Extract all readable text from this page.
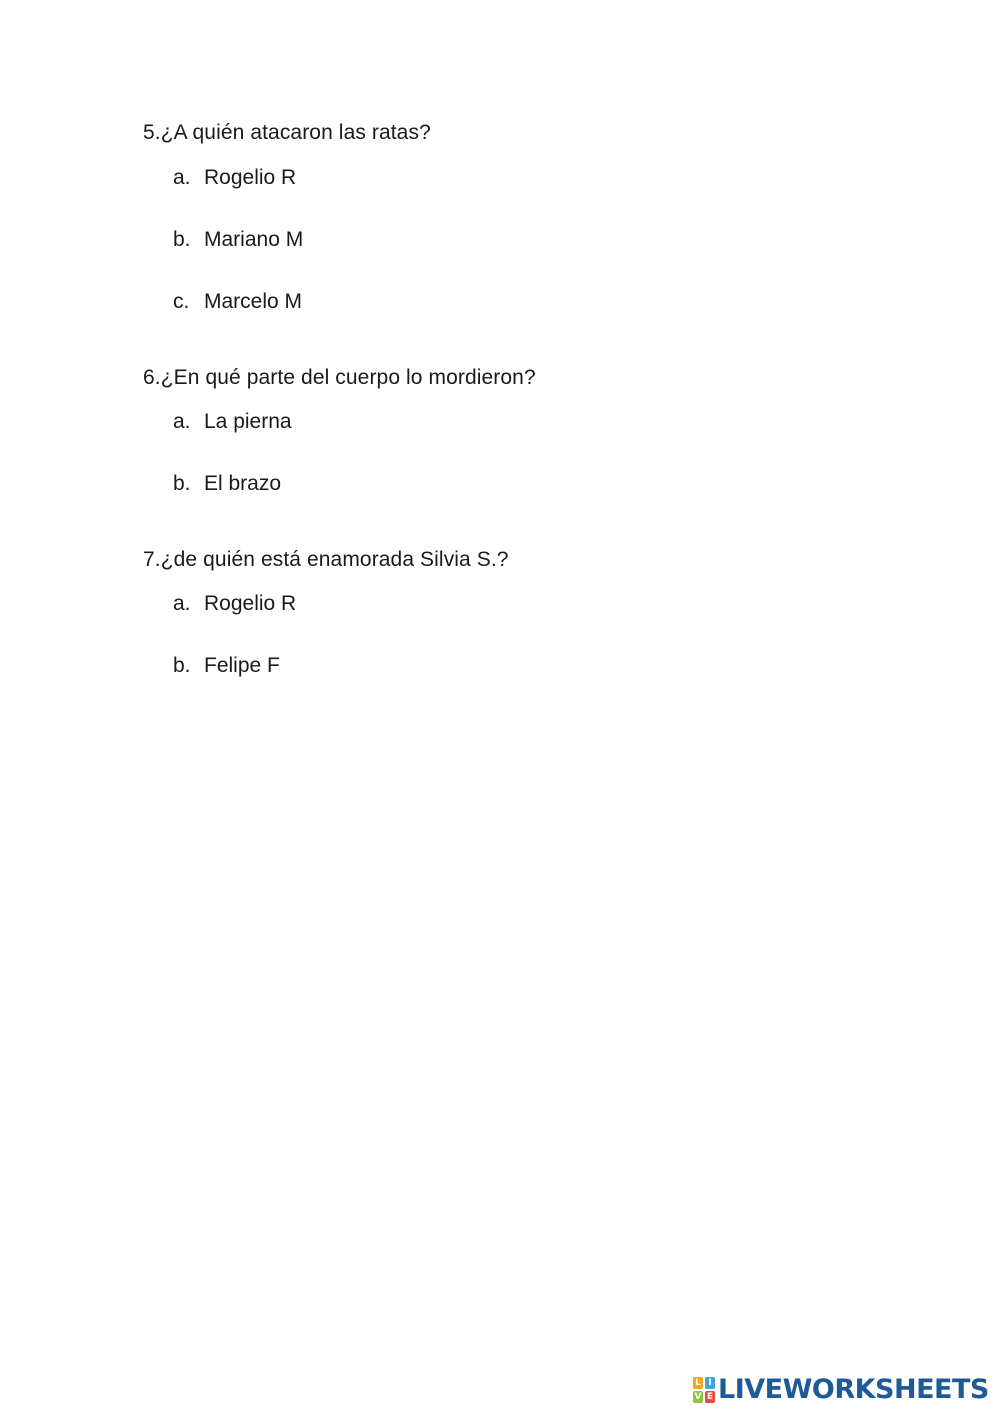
5.¿A quién atacaron las ratas?
a. Rogelio R
b. Mariano M
c. Marcelo M
6.¿En qué parte del cuerpo lo mordieron?
a. La pierna
b. El brazo
7.¿de quién está enamorada Silvia S.?
a. Rogelio R
b. Felipe F
L I
V E LIVEWORKSHEETS
